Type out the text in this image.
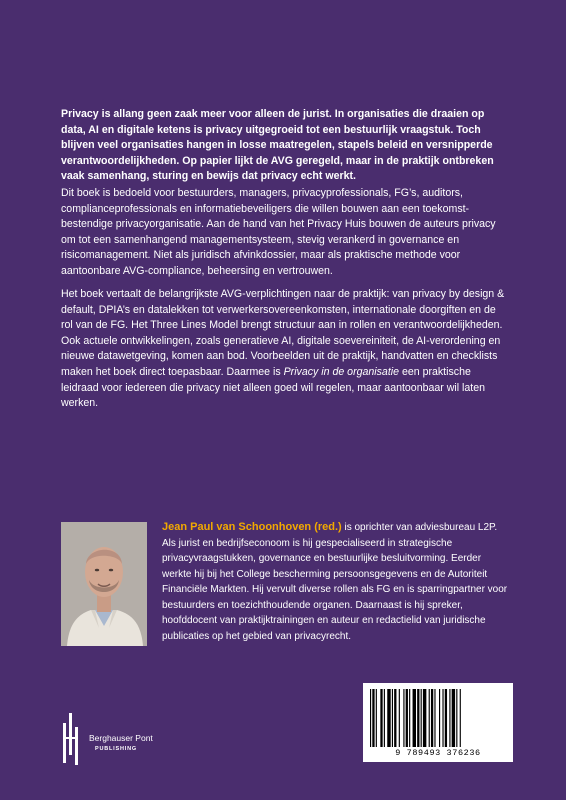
Privacy is allang geen zaak meer voor alleen de jurist. In organisaties die draaien op data, AI en digitale ketens is privacy uitgegroeid tot een bestuurlijk vraagstuk. Toch blijven veel organisaties hangen in losse maatregelen, stapels beleid en versnipperde verantwoordelijkheden. Op papier lijkt de AVG geregeld, maar in de praktijk ontbreken vaak samenhang, sturing en bewijs dat privacy echt werkt.

Dit boek is bedoeld voor bestuurders, managers, privacyprofessionals, FG’s, auditors, complianceprofessionals en informatiebeveiligers die willen bouwen aan een toekomst-bestendige privacyorganisatie. Aan de hand van het Privacy Huis bouwen de auteurs privacy om tot een samenhangend managementsysteem, stevig verankerd in governance en risicomanagement. Niet als juridisch afvinkdossier, maar als praktische methode voor aantoonbare AVG-compliance, beheersing en vertrouwen.

Het boek vertaalt de belangrijkste AVG-verplichtingen naar de praktijk: van privacy by design & default, DPIA’s en datalekken tot verwerkersovereenkomsten, internationale doorgiften en de rol van de FG. Het Three Lines Model brengt structuur aan in rollen en verantwoordelijkheden. Ook actuele ontwikkelingen, zoals generatieve AI, digitale soevereiniteit, de AI-verordening en nieuwe datawetgeving, komen aan bod. Voorbeelden uit de praktijk, handvatten en checklists maken het boek direct toepasbaar. Daarmee is Privacy in de organisatie een praktische leidraad voor iedereen die privacy niet alleen goed wil regelen, maar aantoonbaar wil laten werken.

Jean Paul van Schoonhoven (red.) is oprichter van adviesbureau L2P. Als jurist en bedrijfseconoom is hij gespecialiseerd in strategische privacyvraagstukken, governance en bestuurlijke besluitvorming. Eerder werkte hij bij het College bescherming persoonsgegevens en de Autoriteit Financiële Markten. Hij vervult diverse rollen als FG en is sparringpartner voor bestuurders en toezichthoudende organen. Daarnaast is hij spreker, hoofddocent van praktijktrainingen en auteur en redactielid van juridische publicaties op het gebied van privacyrecht.

Berghauser Pont
PUBLISHING	9 789493 376236
